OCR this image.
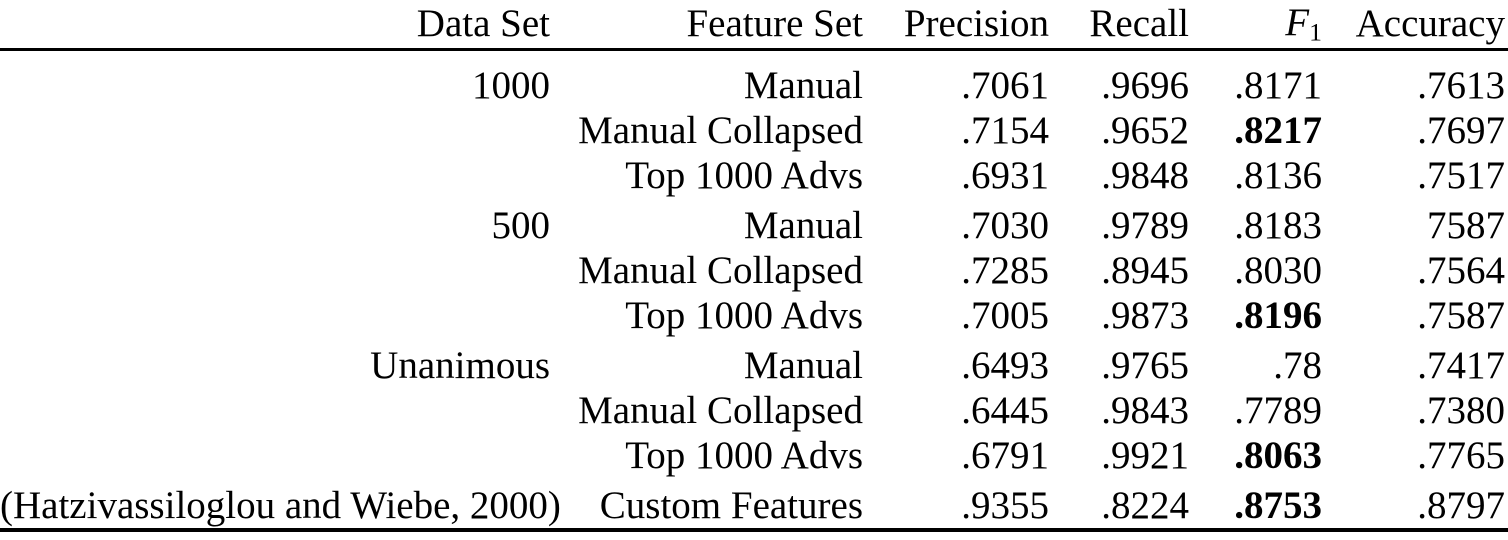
Data Set	Feature Set	Precision	Recall	F1	Accuracy
1000	Manual	.7061	.9696	.8171	.7613
	Manual Collapsed	.7154	.9652	.8217	.7697
	Top 1000 Advs	.6931	.9848	.8136	.7517
500	Manual	.7030	.9789	.8183	7587
	Manual Collapsed	.7285	.8945	.8030	.7564
	Top 1000 Advs	.7005	.9873	.8196	.7587
Unanimous	Manual	.6493	.9765	.78	.7417
	Manual Collapsed	.6445	.9843	.7789	.7380
	Top 1000 Advs	.6791	.9921	.8063	.7765
(Hatzivassiloglou and Wiebe, 2000)	Custom Features	.9355	.8224	.8753	.8797
